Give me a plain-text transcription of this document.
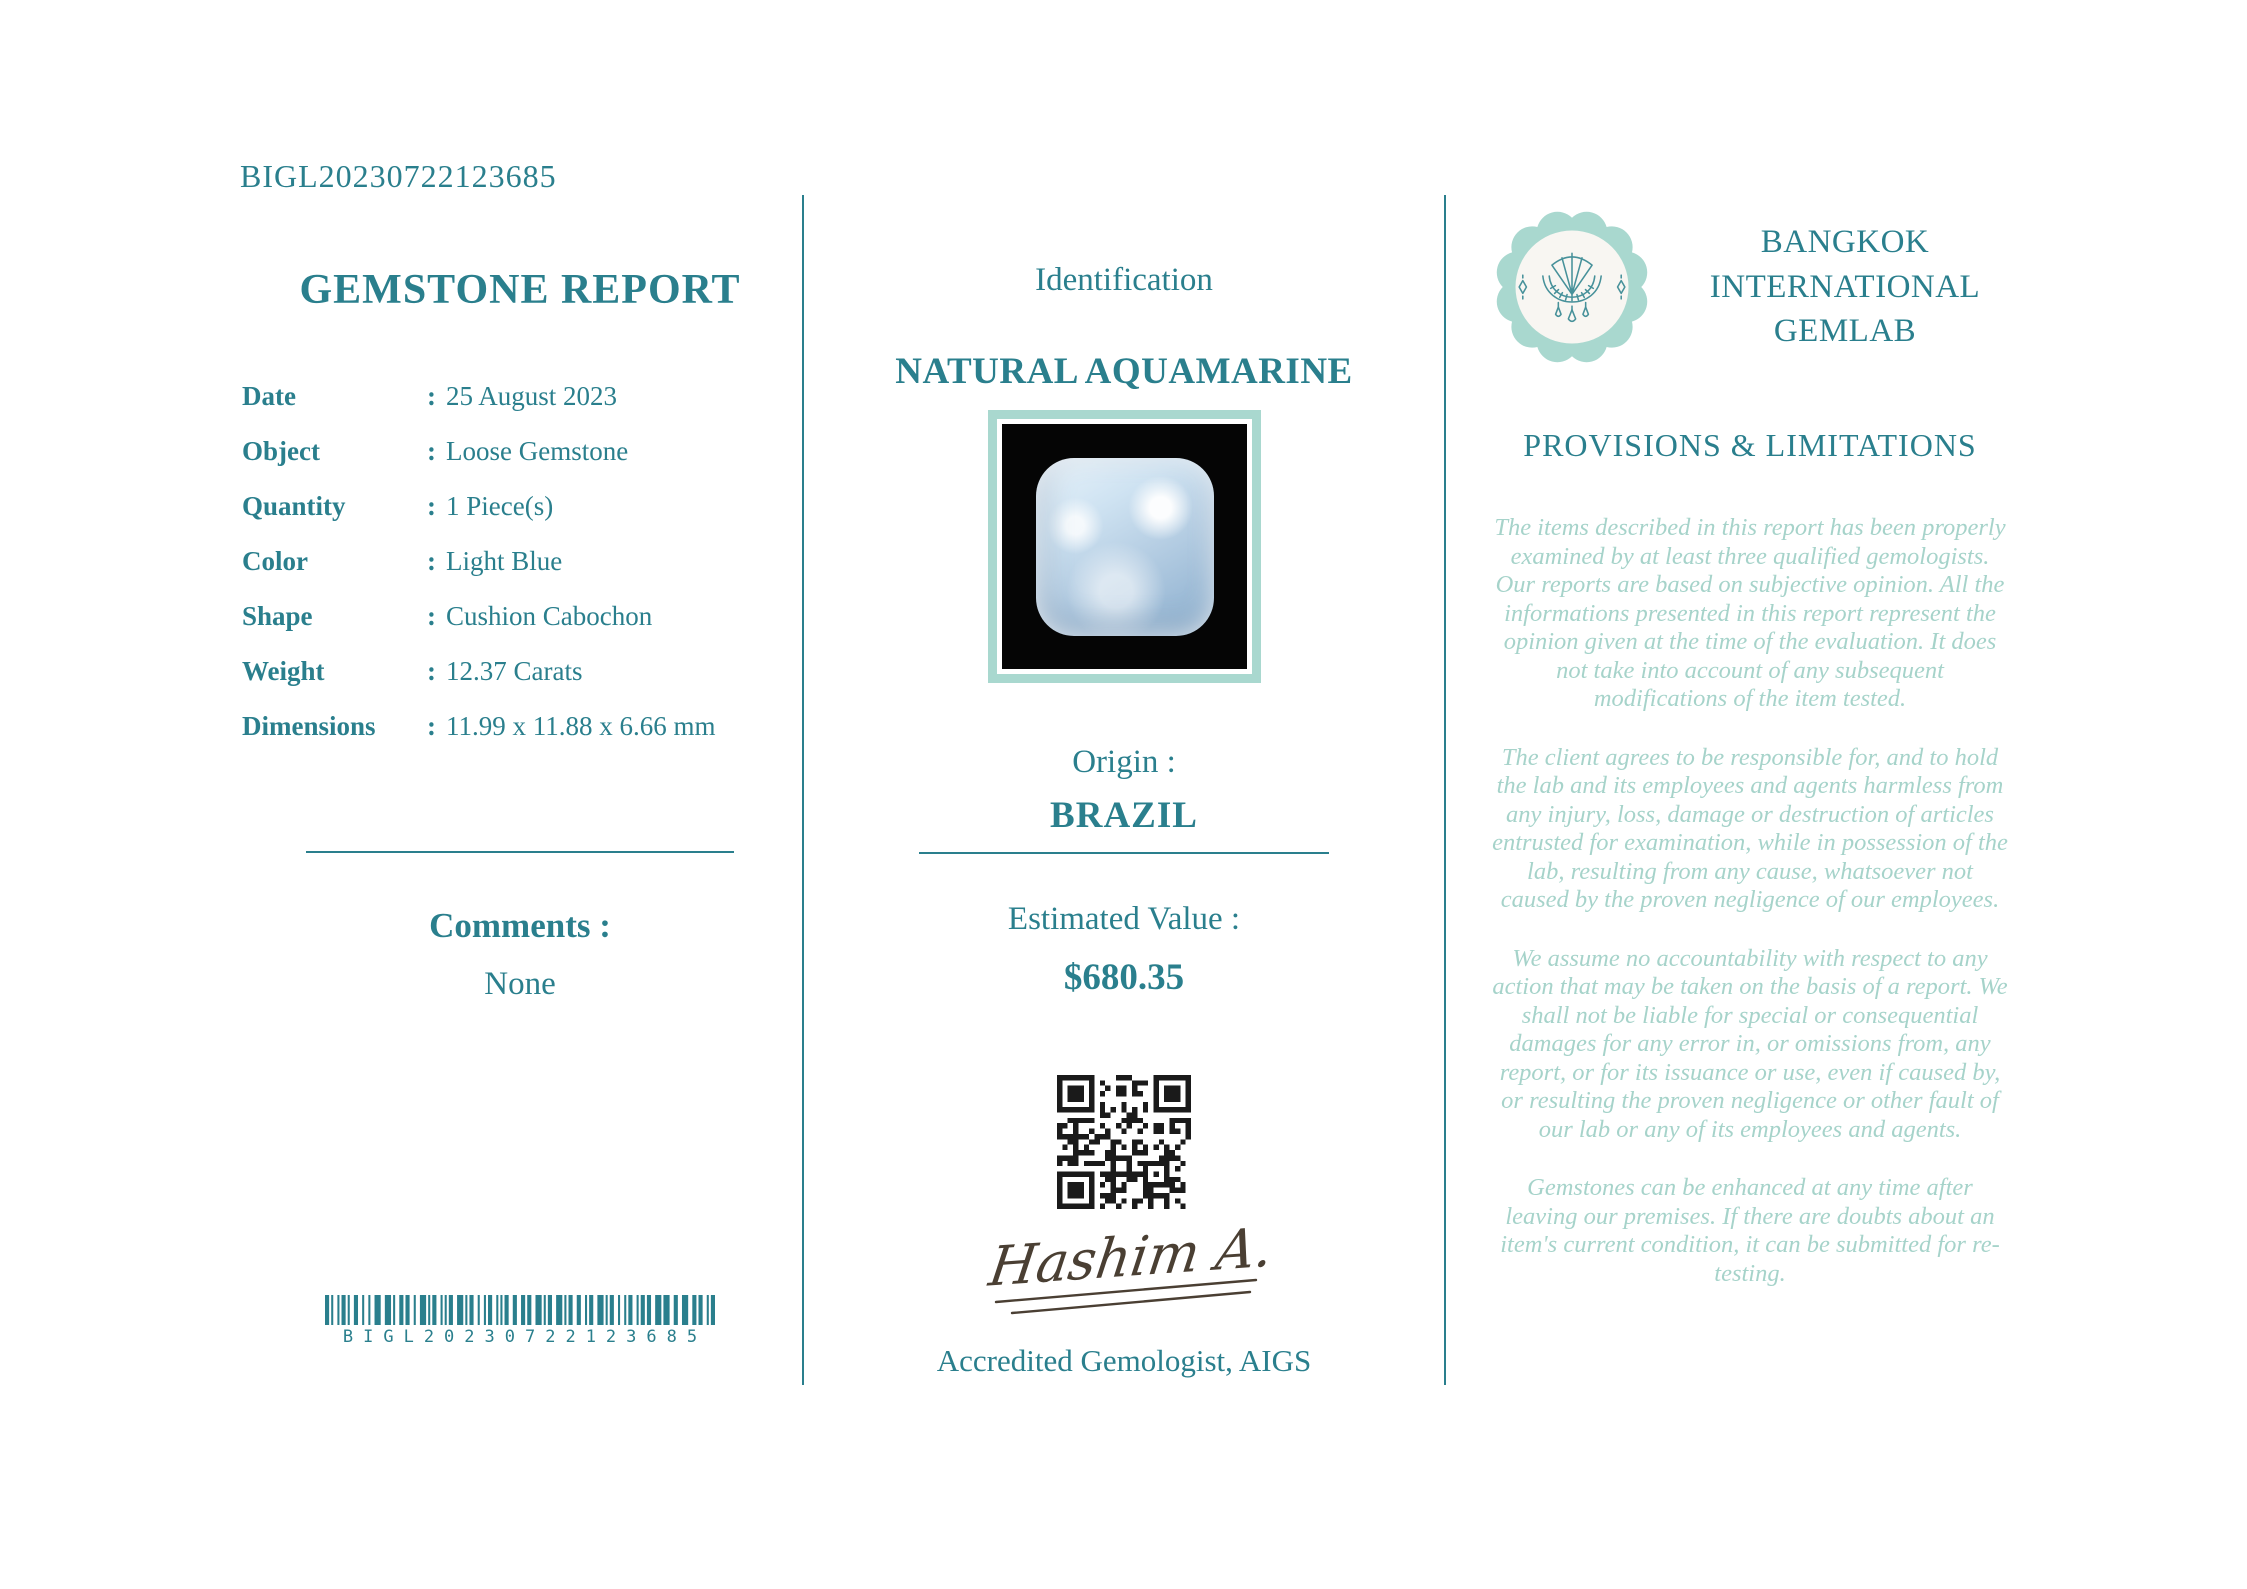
BIGL20230722123685
GEMSTONE REPORT
Date	: 25 August 2023
Object	: Loose Gemstone
Quantity	: 1 Piece(s)
Color	: Light Blue
Shape	: Cushion Cabochon
Weight	: 12.37 Carats
Dimensions	: 11.99 x 11.88 x 6.66 mm
Comments :
None
BIGL20230722123685
Identification
NATURAL AQUAMARINE
Origin :
BRAZIL
Estimated Value :
$680.35
Hashim A.
Accredited Gemologist, AIGS
BANGKOK INTERNATIONAL GEMLAB
PROVISIONS & LIMITATIONS

The items described in this report has been properly examined by at least three qualified gemologists. Our reports are based on subjective opinion. All the informations presented in this report represent the opinion given at the time of the evaluation. It does not take into account of any subsequent modifications of the item tested.

The client agrees to be responsible for, and to hold the lab and its employees and agents harmless from any injury, loss, damage or destruction of articles entrusted for examination, while in possession of the lab, resulting from any cause, whatsoever not caused by the proven negligence of our employees.

We assume no accountability with respect to any action that may be taken on the basis of a report. We shall not be liable for special or consequential damages for any error in, or omissions from, any report, or for its issuance or use, even if caused by, or resulting the proven negligence or other fault of our lab or any of its employees and agents.

Gemstones can be enhanced at any time after leaving our premises. If there are doubts about an item's current condition, it can be submitted for re-testing.
